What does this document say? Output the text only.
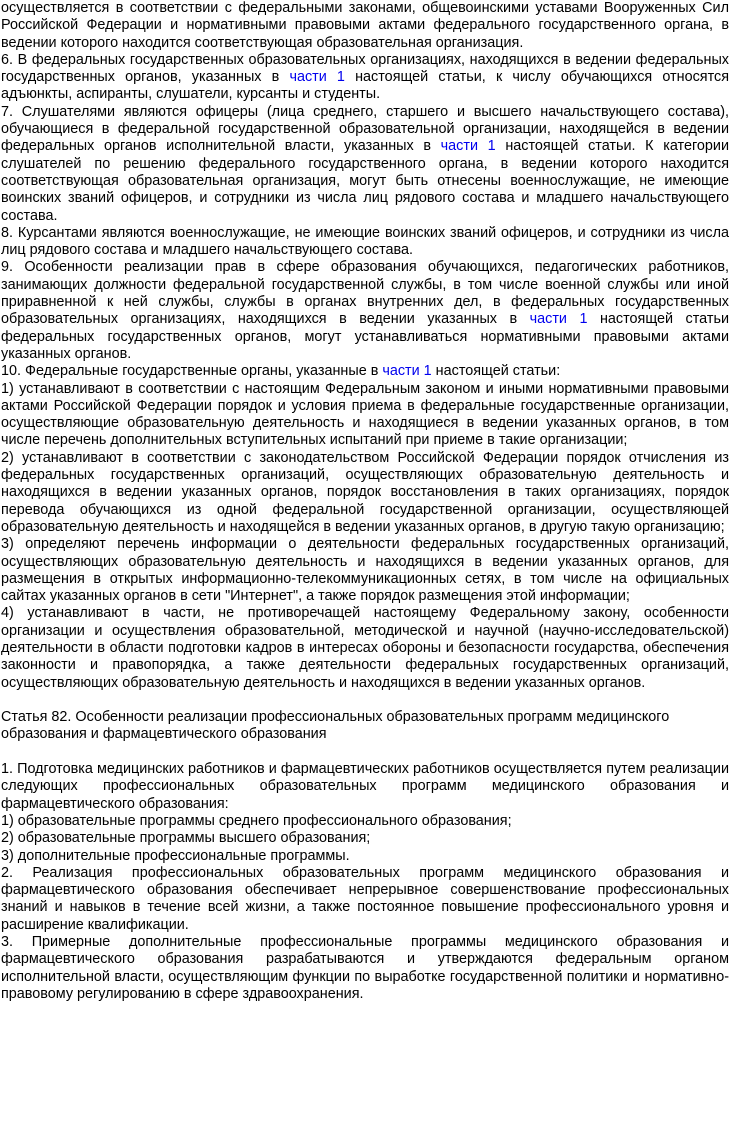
осуществляется в соответствии с федеральными законами, общевоинскими уставами Вооруженных Сил Российской Федерации и нормативными правовыми актами федерального государственного органа, в ведении которого находится соответствующая образовательная организация.

6. В федеральных государственных образовательных организациях, находящихся в ведении федеральных государственных органов, указанных в части 1 настоящей статьи, к числу обучающихся относятся адъюнкты, аспиранты, слушатели, курсанты и студенты.

7. Слушателями являются офицеры (лица среднего, старшего и высшего начальствующего состава), обучающиеся в федеральной государственной образовательной организации, находящейся в ведении федеральных органов исполнительной власти, указанных в части 1 настоящей статьи. К категории слушателей по решению федерального государственного органа, в ведении которого находится соответствующая образовательная организация, могут быть отнесены военнослужащие, не имеющие воинских званий офицеров, и сотрудники из числа лиц рядового состава и младшего начальствующего состава.

8. Курсантами являются военнослужащие, не имеющие воинских званий офицеров, и сотрудники из числа лиц рядового состава и младшего начальствующего состава.

9. Особенности реализации прав в сфере образования обучающихся, педагогических работников, занимающих должности федеральной государственной службы, в том числе военной службы или иной приравненной к ней службы, службы в органах внутренних дел, в федеральных государственных образовательных организациях, находящихся в ведении указанных в части 1 настоящей статьи федеральных государственных органов, могут устанавливаться нормативными правовыми актами указанных органов.

10. Федеральные государственные органы, указанные в части 1 настоящей статьи:

1) устанавливают в соответствии с настоящим Федеральным законом и иными нормативными правовыми актами Российской Федерации порядок и условия приема в федеральные государственные организации, осуществляющие образовательную деятельность и находящиеся в ведении указанных органов, в том числе перечень дополнительных вступительных испытаний при приеме в такие организации;

2) устанавливают в соответствии с законодательством Российской Федерации порядок отчисления из федеральных государственных организаций, осуществляющих образовательную деятельность и находящихся в ведении указанных органов, порядок восстановления в таких организациях, порядок перевода обучающихся из одной федеральной государственной организации, осуществляющей образовательную деятельность и находящейся в ведении указанных органов, в другую такую организацию;

3) определяют перечень информации о деятельности федеральных государственных организаций, осуществляющих образовательную деятельность и находящихся в ведении указанных органов, для размещения в открытых информационно-телекоммуникационных сетях, в том числе на официальных сайтах указанных органов в сети "Интернет", а также порядок размещения этой информации;

4) устанавливают в части, не противоречащей настоящему Федеральному закону, особенности организации и осуществления образовательной, методической и научной (научно-исследовательской) деятельности в области подготовки кадров в интересах обороны и безопасности государства, обеспечения законности и правопорядка, а также деятельности федеральных государственных организаций, осуществляющих образовательную деятельность и находящихся в ведении указанных органов.

Статья 82. Особенности реализации профессиональных образовательных программ медицинского образования и фармацевтического образования

1. Подготовка медицинских работников и фармацевтических работников осуществляется путем реализации следующих профессиональных образовательных программ медицинского образования и фармацевтического образования:

1) образовательные программы среднего профессионального образования;

2) образовательные программы высшего образования;

3) дополнительные профессиональные программы.

2. Реализация профессиональных образовательных программ медицинского образования и фармацевтического образования обеспечивает непрерывное совершенствование профессиональных знаний и навыков в течение всей жизни, а также постоянное повышение профессионального уровня и расширение квалификации.

3. Примерные дополнительные профессиональные программы медицинского образования и фармацевтического образования разрабатываются и утверждаются федеральным органом исполнительной власти, осуществляющим функции по выработке государственной политики и нормативно-правовому регулированию в сфере здравоохранения.
